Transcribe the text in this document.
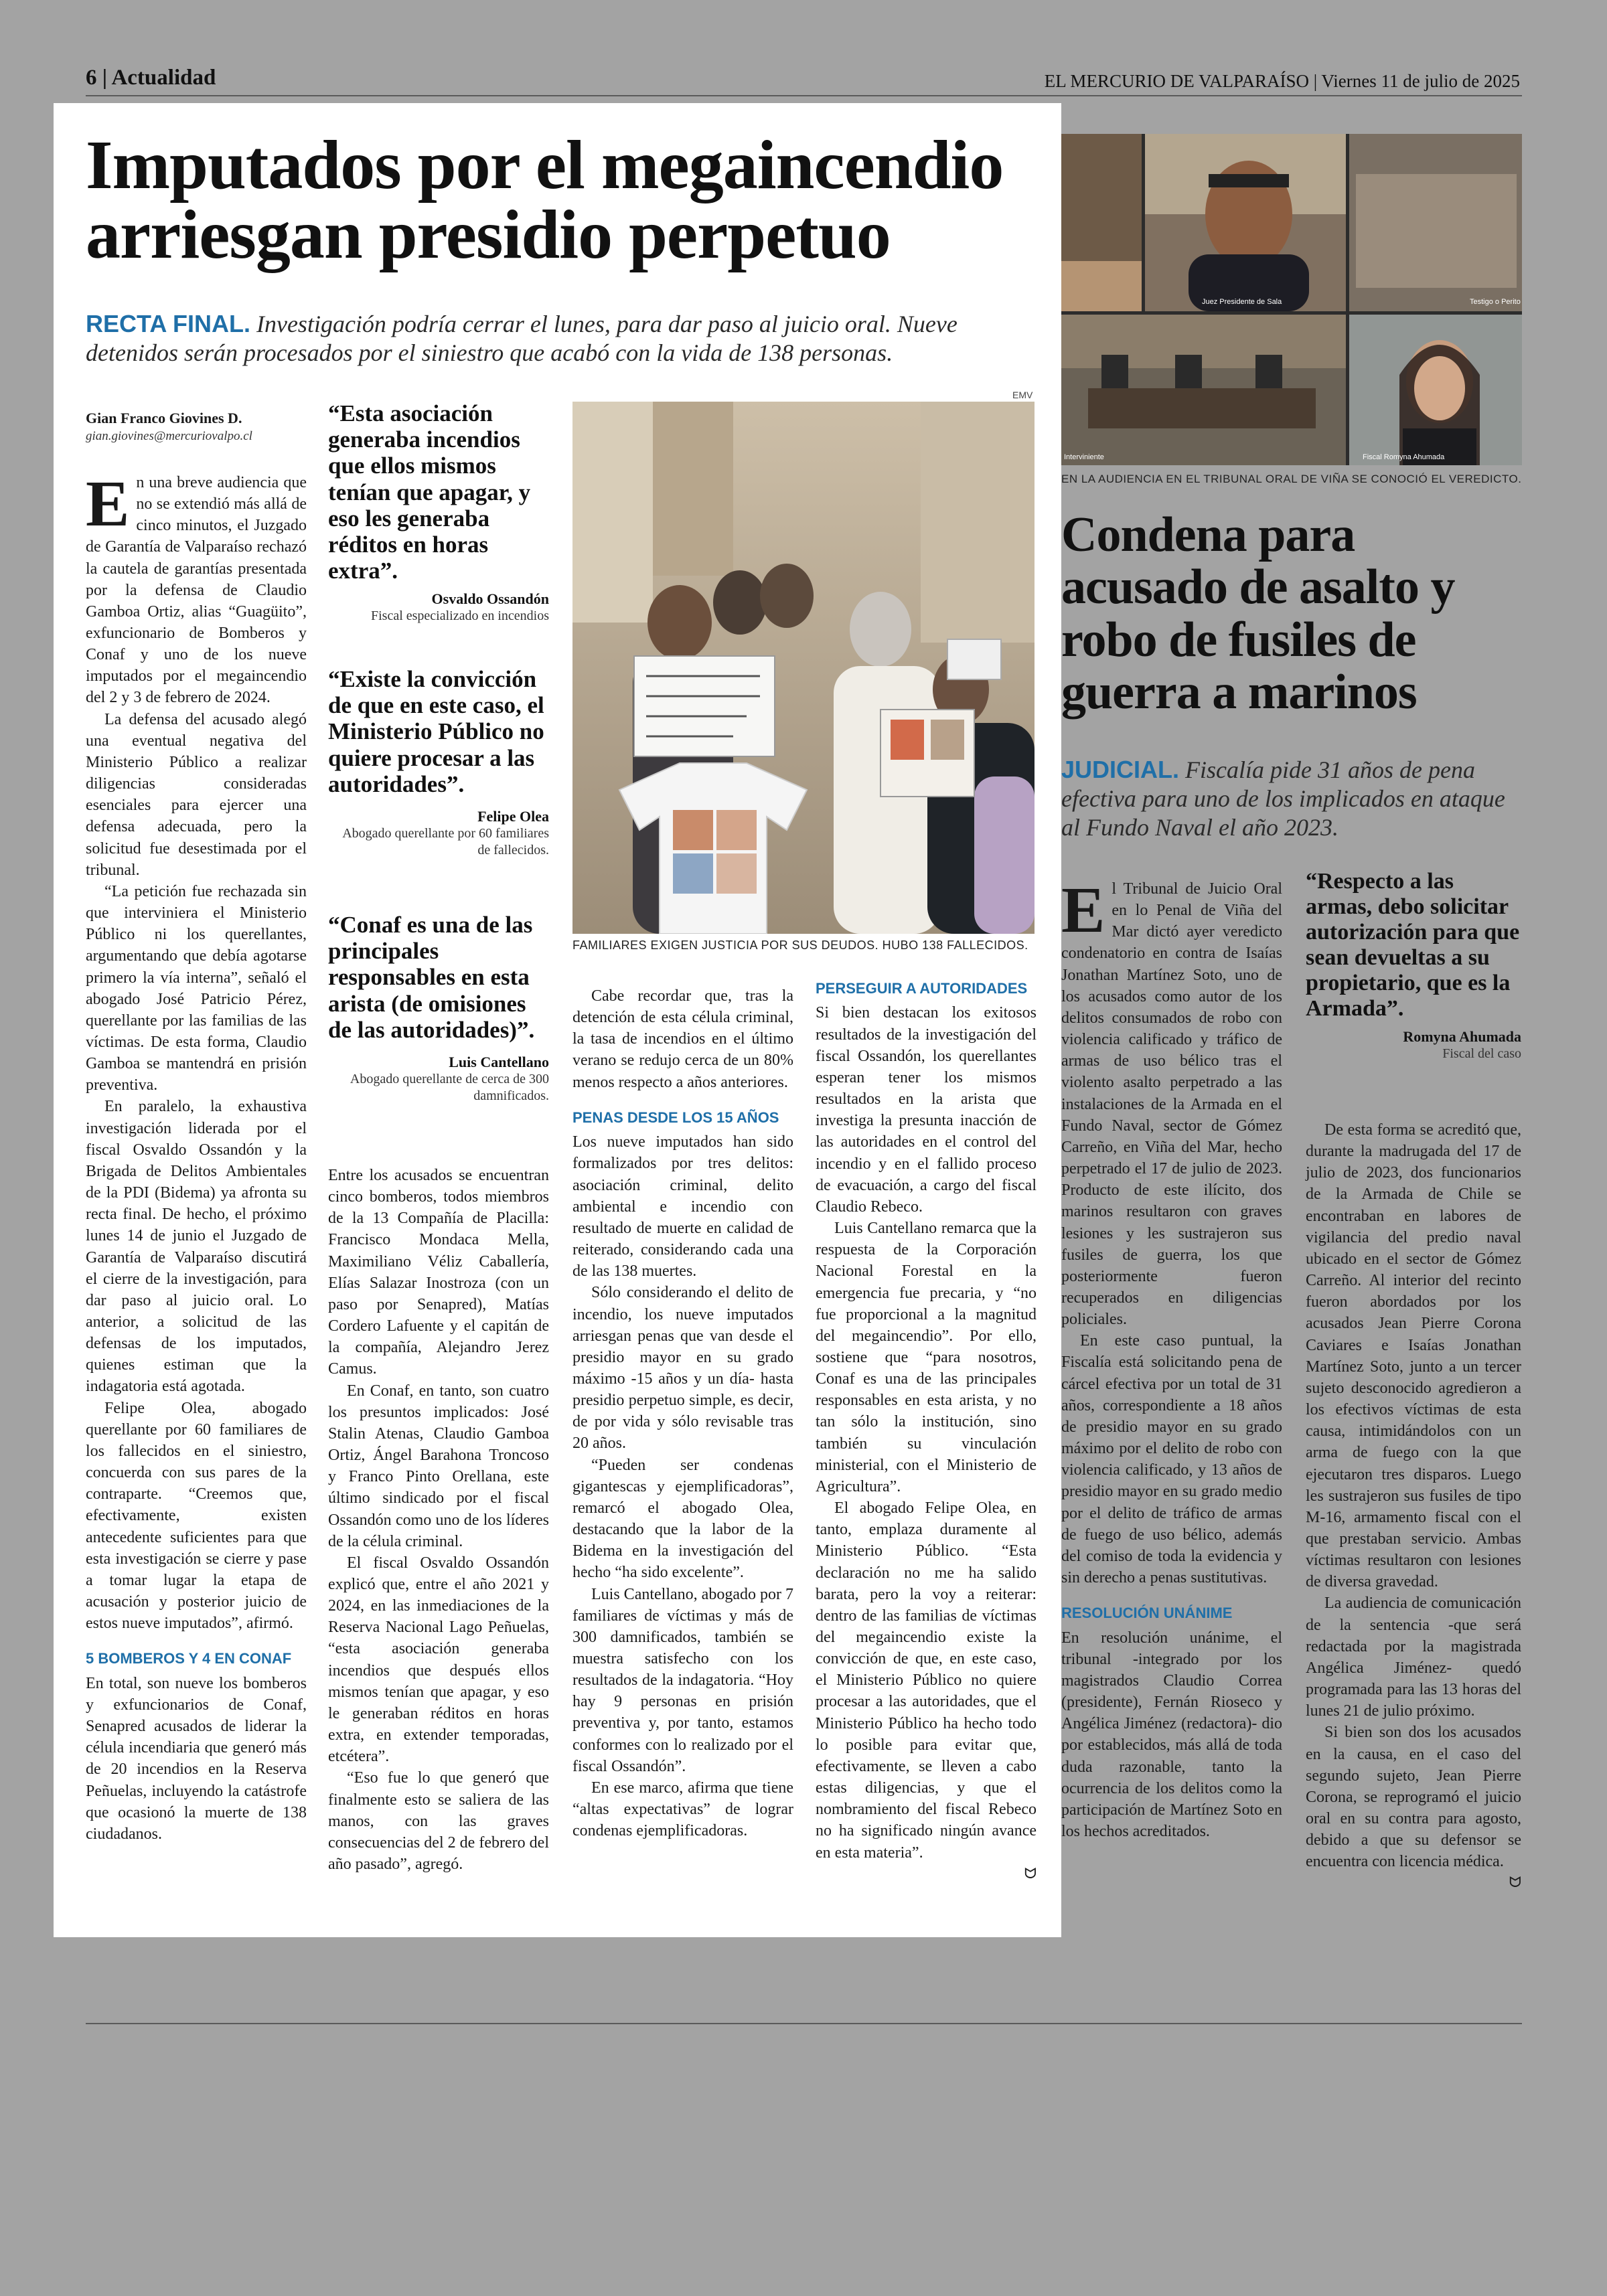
6 | Actualidad	EL MERCURIO DE VALPARAÍSO | Viernes 11 de julio de 2025
Imputados por el megaincendio
arriesgan presidio perpetuo
RECTA FINAL. Investigación podría cerrar el lunes, para dar paso al juicio oral. Nueve
detenidos serán procesados por el siniestro que acabó con la vida de 138 personas.
Gian Franco Giovines D.
gian.giovines@mercuriovalpo.cl

En una breve audiencia que no se extendió más allá de cinco minutos, el Juzgado de Garantía de Valparaíso rechazó la cautela de garantías presentada por la defensa de Claudio Gamboa Ortiz, alias “Guagüito”, exfuncionario de Bomberos y Conaf y uno de los nueve imputados por el megaincendio del 2 y 3 de febrero de 2024.

La defensa del acusado alegó una eventual negativa del Ministerio Público a realizar diligencias consideradas esenciales para ejercer una defensa adecuada, pero la solicitud fue desestimada por el tribunal.

“La petición fue rechazada sin que interviniera el Ministerio Público ni los querellantes, argumentando que debía agotarse primero la vía interna”, señaló el abogado José Patricio Pérez, querellante por las familias de las víctimas. De esta forma, Claudio Gamboa se mantendrá en prisión preventiva.

En paralelo, la exhaustiva investigación liderada por el fiscal Osvaldo Ossandón y la Brigada de Delitos Ambientales de la PDI (Bidema) ya afronta su recta final. De hecho, el próximo lunes 14 de junio el Juzgado de Garantía de Valparaíso discutirá el cierre de la investigación, para dar paso al juicio oral. Lo anterior, a solicitud de las defensas de los imputados, quienes estiman que la indagatoria está agotada.

Felipe Olea, abogado querellante por 60 familiares de los fallecidos en el siniestro, concuerda con sus pares de la contraparte. “Creemos que, efectivamente, existen antecedente suficientes para que esta investigación se cierre y pase a tomar lugar la etapa de acusación y posterior juicio de estos nueve imputados”, afirmó.

5 BOMBEROS Y 4 EN CONAF

En total, son nueve los bomberos y exfuncionarios de Conaf, Senapred acusados de liderar la célula incendiaria que generó más de 20 incendios en la Reserva Peñuelas, incluyendo la catástrofe que ocasionó la muerte de 138 ciudadanos.

“Esta asociación generaba incendios que ellos mismos tenían que apagar, y eso les generaba réditos en horas extra”.
Osvaldo Ossandón
Fiscal especializado en incendios
“Existe la convicción de que en este caso, el Ministerio Público no quiere procesar a las autoridades”.
Felipe Olea
Abogado querellante por 60 familiares de fallecidos.
“Conaf es una de las principales responsables en esta arista (de omisiones de las autoridades)”.
Luis Cantellano
Abogado querellante de cerca de 300 damnificados.

Entre los acusados se encuentran cinco bomberos, todos miembros de la 13 Compañía de Placilla: Francisco Mondaca Mella, Maximiliano Véliz Caballería, Elías Salazar Inostroza (con un paso por Senapred), Matías Cordero Lafuente y el capitán de la compañía, Alejandro Jerez Camus.

En Conaf, en tanto, son cuatro los presuntos implicados: José Stalin Atenas, Claudio Gamboa Ortiz, Ángel Barahona Troncoso y Franco Pinto Orellana, este último sindicado por el fiscal Ossandón como uno de los líderes de la célula criminal.

El fiscal Osvaldo Ossandón explicó que, entre el año 2021 y 2024, en las inmediaciones de la Reserva Nacional Lago Peñuelas, “esta asociación generaba incendios que después ellos mismos tenían que apagar, y eso le generaban réditos en horas extra, en extender temporadas, etcétera”.

“Eso fue lo que generó que finalmente esto se saliera de las manos, con las graves consecuencias del 2 de febrero del año pasado”, agregó.

EMV
FAMILIARES EXIGEN JUSTICIA POR SUS DEUDOS. HUBO 138 FALLECIDOS.

Cabe recordar que, tras la detención de esta célula criminal, la tasa de incendios en el último verano se redujo cerca de un 80% menos respecto a años anteriores.

PENAS DESDE LOS 15 AÑOS

Los nueve imputados han sido formalizados por tres delitos: asociación criminal, delito ambiental e incendio con resultado de muerte en calidad de reiterado, considerando cada una de las 138 muertes.

Sólo considerando el delito de incendio, los nueve imputados arriesgan penas que van desde el presidio mayor en su grado máximo -15 años y un día- hasta presidio perpetuo simple, es decir, de por vida y sólo revisable tras 20 años.

“Pueden ser condenas gigantescas y ejemplificadoras”, remarcó el abogado Olea, destacando que la labor de la Bidema en la investigación del hecho “ha sido excelente”.

Luis Cantellano, abogado por 7 familiares de víctimas y más de 300 damnificados, también se muestra satisfecho con los resultados de la indagatoria. “Hoy hay 9 personas en prisión preventiva y, por tanto, estamos conformes con lo realizado por el fiscal Ossandón”.

En ese marco, afirma que tiene “altas expectativas” de lograr condenas ejemplificadoras.

PERSEGUIR A AUTORIDADES

Si bien destacan los exitosos resultados de la investigación del fiscal Ossandón, los querellantes esperan tener los mismos resultados en la arista que investiga la presunta inacción de las autoridades en el control del incendio y en el fallido proceso de evacuación, a cargo del fiscal Claudio Rebeco.

Luis Cantellano remarca que la respuesta de la Corporación Nacional Forestal en la emergencia fue precaria, y “no fue proporcional a la magnitud del megaincendio”. Por ello, sostiene que “para nosotros, Conaf es una de las principales responsables en esta arista, y no tan sólo la institución, sino también su vinculación ministerial, con el Ministerio de Agricultura”.

El abogado Felipe Olea, en tanto, emplaza duramente al Ministerio Público. “Esta declaración no me ha salido barata, pero la voy a reiterar: dentro de las familias de víctimas del megaincendio existe la convicción de que, en este caso, el Ministerio Público no quiere procesar a las autoridades, que el Ministerio Público ha hecho todo lo posible para evitar que, efectivamente, se lleven a cabo estas diligencias, y que el nombramiento del fiscal Rebeco no ha significado ningún avance en esta materia”.

ᗢ
Juez Presidente de Sala	Testigo o Perito
Interviniente	Fiscal Romyna Ahumada
EN LA AUDIENCIA EN EL TRIBUNAL ORAL DE VIÑA SE CONOCIÓ EL VEREDICTO.
Condena para
acusado de asalto y
robo de fusiles de
guerra a marinos
JUDICIAL. Fiscalía pide 31 años de pena efectiva para uno de los implicados en ataque al Fundo Naval el año 2023.

El Tribunal de Juicio Oral en lo Penal de Viña del Mar dictó ayer veredicto condenatorio en contra de Isaías Jonathan Martínez Soto, uno de los acusados como autor de los delitos consumados de robo con violencia calificado y tráfico de armas de uso bélico tras el violento asalto perpetrado a las instalaciones de la Armada en el Fundo Naval, sector de Gómez Carreño, en Viña del Mar, hecho perpetrado el 17 de julio de 2023. Producto de este ilícito, dos marinos resultaron con graves lesiones y les sustrajeron sus fusiles de guerra, los que posteriormente fueron recuperados en diligencias policiales.

En este caso puntual, la Fiscalía está solicitando pena de cárcel efectiva por un total de 31 años, correspondiente a 18 años de presidio mayor en su grado máximo por el delito de robo con violencia calificado, y 13 años de presidio mayor en su grado medio por el delito de tráfico de armas de fuego de uso bélico, además del comiso de toda la evidencia y sin derecho a penas sustitutivas.

RESOLUCIÓN UNÁNIME

En resolución unánime, el tribunal -integrado por los magistrados Claudio Correa (presidente), Fernán Rioseco y Angélica Jiménez (redactora)- dio por establecidos, más allá de toda duda razonable, tanto la ocurrencia de los delitos como la participación de Martínez Soto en los hechos acreditados.

“Respecto a las armas, debo solicitar autorización para que sean devueltas a su propietario, que es la Armada”.
Romyna Ahumada
Fiscal del caso

De esta forma se acreditó que, durante la madrugada del 17 de julio de 2023, dos funcionarios de la Armada de Chile se encontraban en labores de vigilancia del predio naval ubicado en el sector de Gómez Carreño. Al interior del recinto fueron abordados por los acusados Jean Pierre Corona Caviares e Isaías Jonathan Martínez Soto, junto a un tercer sujeto desconocido agredieron a los efectivos víctimas de esta causa, intimidándolos con un arma de fuego con la que ejecutaron tres disparos. Luego les sustrajeron sus fusiles de tipo M-16, armamento fiscal con el que prestaban servicio. Ambas víctimas resultaron con lesiones de diversa gravedad.

La audiencia de comunicación de la sentencia -que será redactada por la magistrada Angélica Jiménez- quedó programada para las 13 horas del lunes 21 de julio próximo.

Si bien son dos los acusados en la causa, en el caso del segundo sujeto, Jean Pierre Corona, se reprogramó el juicio oral en su contra para agosto, debido a que su defensor se encuentra con licencia médica.

ᗢ
